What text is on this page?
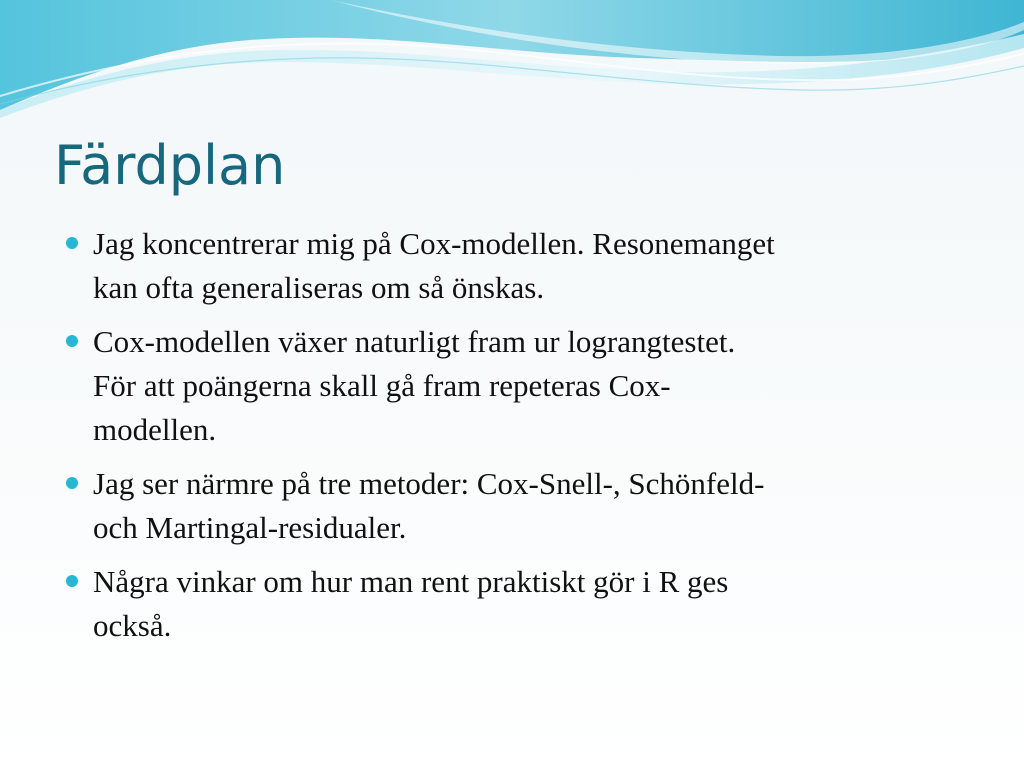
Färdplan
Jag koncentrerar mig på Cox-modellen. Resonemanget
kan ofta generaliseras om så önskas.
Cox-modellen växer naturligt fram ur lograngtestet.
För att poängerna skall gå fram repeteras Cox-
modellen.
Jag ser närmre på tre metoder: Cox-Snell-, Schönfeld-
och Martingal-residualer.
Några vinkar om hur man rent praktiskt gör i R ges
också.
